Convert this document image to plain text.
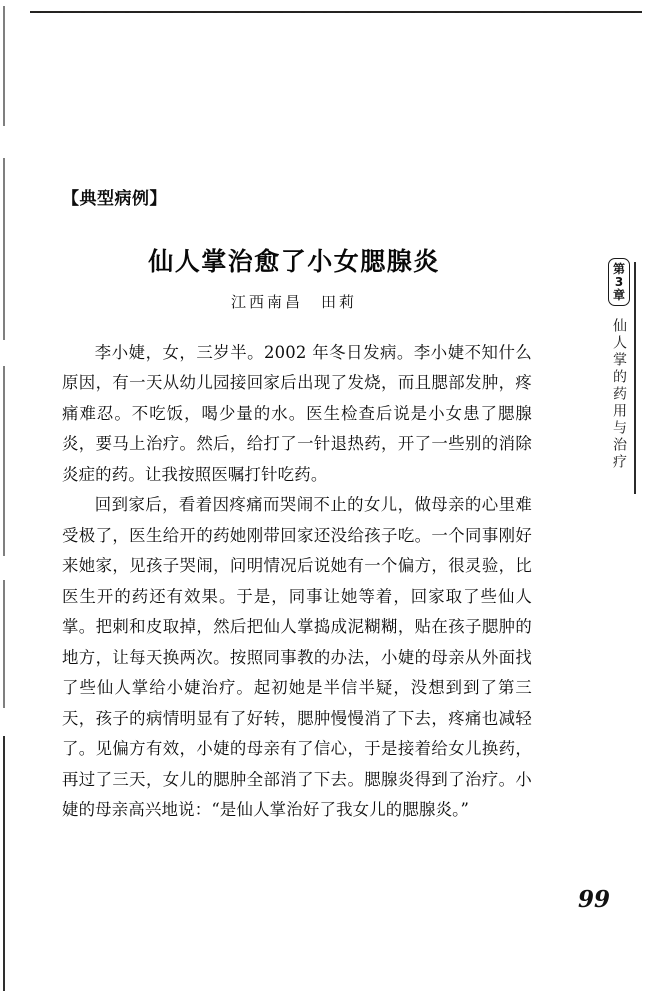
【典型病例】
仙人掌治愈了小女腮腺炎
江西南昌　田莉

李小婕，女，三岁半。2002 年冬日发病。李小婕不知什么原因，有一天从幼儿园接回家后出现了发烧，而且腮部发肿，疼痛难忍。不吃饭，喝少量的水。医生检查后说是小女患了腮腺炎，要马上治疗。然后，给打了一针退热药，开了一些别的消除炎症的药。让我按照医嘱打针吃药。

回到家后，看着因疼痛而哭闹不止的女儿，做母亲的心里难受极了，医生给开的药她刚带回家还没给孩子吃。一个同事刚好来她家，见孩子哭闹，问明情况后说她有一个偏方，很灵验，比医生开的药还有效果。于是，同事让她等着，回家取了些仙人掌。把刺和皮取掉，然后把仙人掌捣成泥糊糊，贴在孩子腮肿的地方，让每天换两次。按照同事教的办法，小婕的母亲从外面找了些仙人掌给小婕治疗。起初她是半信半疑，没想到到了第三天，孩子的病情明显有了好转，腮肿慢慢消了下去，疼痛也减轻了。见偏方有效，小婕的母亲有了信心，于是接着给女儿换药，再过了三天，女儿的腮肿全部消了下去。腮腺炎得到了治疗。小婕的母亲高兴地说：“是仙人掌治好了我女儿的腮腺炎。”

第
3
章
仙人掌的药用与治疗
99
